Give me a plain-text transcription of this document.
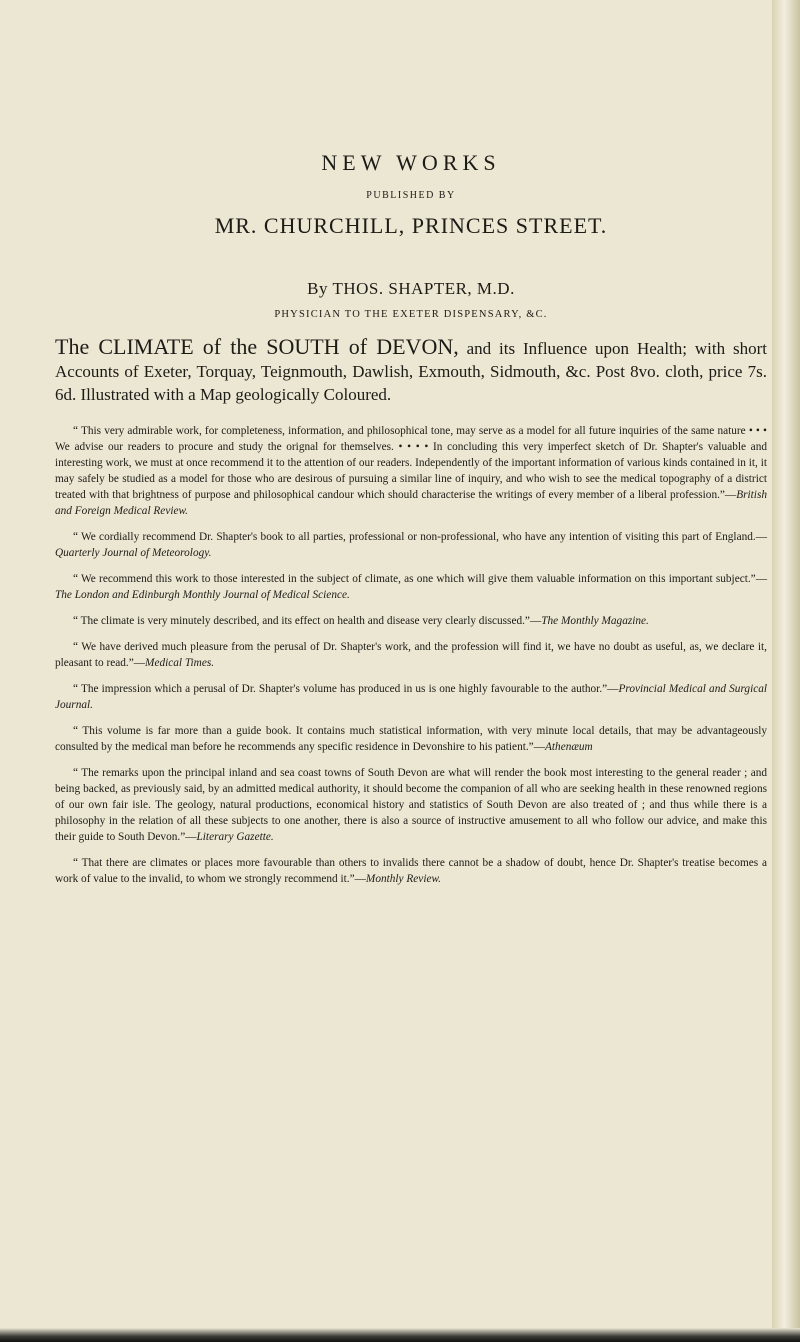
NEW WORKS

PUBLISHED BY

MR. CHURCHILL, PRINCES STREET.

By THOS. SHAPTER, M.D.

PHYSICIAN TO THE EXETER DISPENSARY, &C.

The CLIMATE of the SOUTH of DEVON, and its Influence upon Health; with short Accounts of Exeter, Torquay, Teignmouth, Dawlish, Exmouth, Sidmouth, &c. Post 8vo. cloth, price 7s. 6d. Illustrated with a Map geologically Coloured.

“ This very admirable work, for completeness, information, and philosophical tone, may serve as a model for all future inquiries of the same nature • • • We advise our readers to procure and study the orignal for themselves. • • • • In concluding this very imperfect sketch of Dr. Shapter's valuable and interesting work, we must at once recommend it to the attention of our readers. Independently of the important information of various kinds contained in it, it may safely be studied as a model for those who are desirous of pursuing a similar line of inquiry, and who wish to see the medical topography of a district treated with that brightness of purpose and philosophical candour which should characterise the writings of every member of a liberal profession.”—British and Foreign Medical Review.

“ We cordially recommend Dr. Shapter's book to all parties, professional or non-professional, who have any intention of visiting this part of England.—Quarterly Journal of Meteorology.

“ We recommend this work to those interested in the subject of climate, as one which will give them valuable information on this important subject.”—The London and Edinburgh Monthly Journal of Medical Science.

“ The climate is very minutely described, and its effect on health and disease very clearly discussed.”—The Monthly Magazine.

“ We have derived much pleasure from the perusal of Dr. Shapter's work, and the profession will find it, we have no doubt as useful, as, we declare it, pleasant to read.”—Medical Times.

“ The impression which a perusal of Dr. Shapter's volume has produced in us is one highly favourable to the author.”—Provincial Medical and Surgical Journal.

“ This volume is far more than a guide book. It contains much statistical information, with very minute local details, that may be advantageously consulted by the medical man before he recommends any specific residence in Devonshire to his patient.”—Athenæum

“ The remarks upon the principal inland and sea coast towns of South Devon are what will render the book most interesting to the general reader ; and being backed, as previously said, by an admitted medical authority, it should become the companion of all who are seeking health in these renowned regions of our own fair isle. The geology, natural productions, economical history and statistics of South Devon are also treated of ; and thus while there is a philosophy in the relation of all these subjects to one another, there is also a source of instructive amusement to all who follow our advice, and make this their guide to South Devon.”—Literary Gazette.

“ That there are climates or places more favourable than others to invalids there cannot be a shadow of doubt, hence Dr. Shapter's treatise becomes a work of value to the invalid, to whom we strongly recommend it.”—Monthly Review.
